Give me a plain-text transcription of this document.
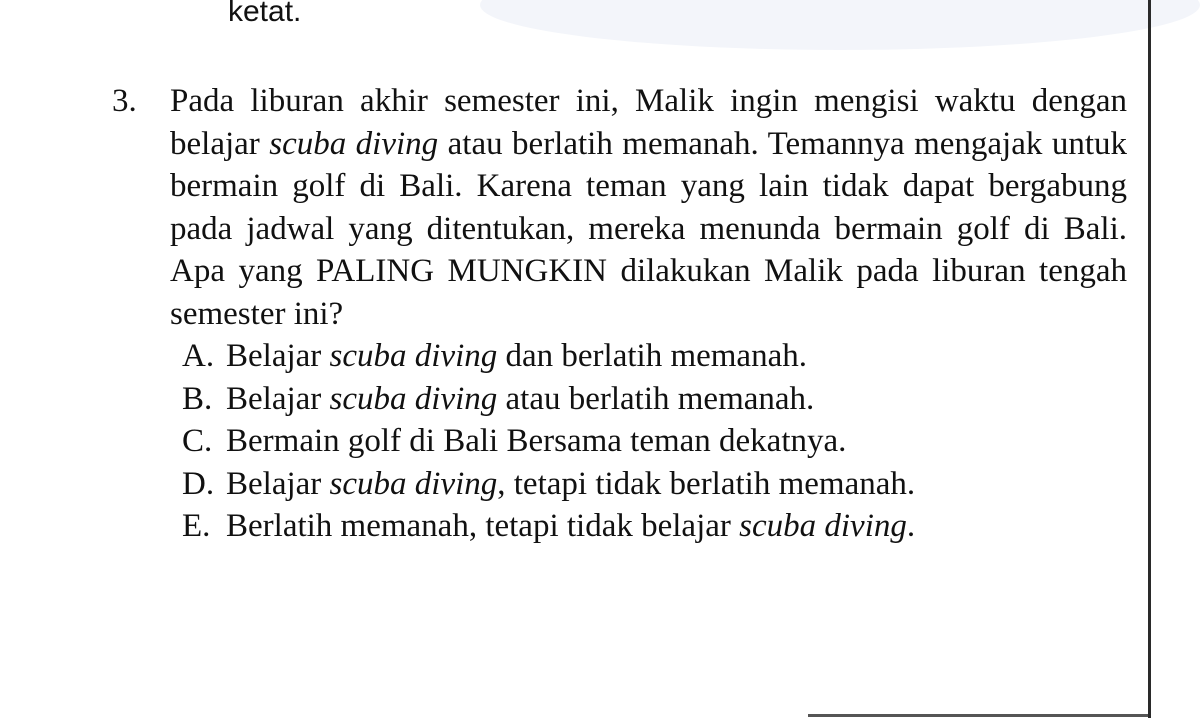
ketat.

3. Pada liburan akhir semester ini, Malik ingin mengisi waktu dengan belajar scuba diving atau berlatih memanah. Temannya mengajak untuk bermain golf di Bali. Karena teman yang lain tidak dapat bergabung pada jadwal yang ditentukan, mereka menunda bermain golf di Bali. Apa yang PALING MUNGKIN dilakukan Malik pada liburan tengah semester ini?
A. Belajar scuba diving dan berlatih memanah.
B. Belajar scuba diving atau berlatih memanah.
C. Bermain golf di Bali Bersama teman dekatnya.
D. Belajar scuba diving, tetapi tidak berlatih memanah.
E. Berlatih memanah, tetapi tidak belajar scuba diving.
